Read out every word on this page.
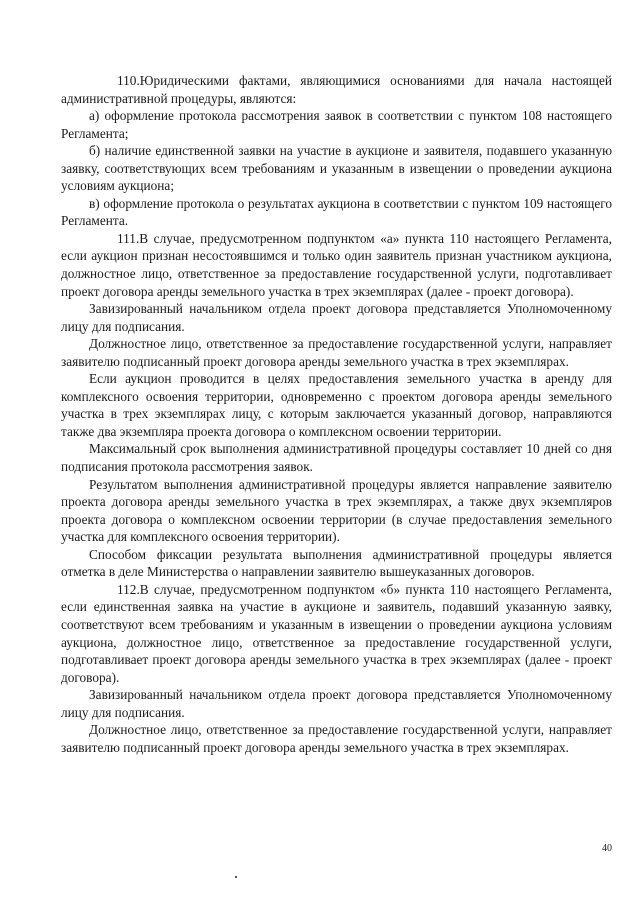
110.Юридическими фактами, являющимися основаниями для начала настоящей административной процедуры, являются:

а) оформление протокола рассмотрения заявок в соответствии с пунктом 108 настоящего Регламента;

б) наличие единственной заявки на участие в аукционе и заявителя, подавшего указанную заявку, соответствующих всем требованиям и указанным в извещении о проведении аукциона условиям аукциона;

в) оформление протокола о результатах аукциона в соответствии с пунктом 109 настоящего Регламента.

111.В случае, предусмотренном подпунктом «а» пункта 110 настоящего Регламента, если аукцион признан несостоявшимся и только один заявитель признан участником аукциона, должностное лицо, ответственное за предоставление государственной услуги, подготавливает проект договора аренды земельного участка в трех экземплярах (далее - проект договора).

Завизированный начальником отдела проект договора представляется Уполномоченному лицу для подписания.

Должностное лицо, ответственное за предоставление государственной услуги, направляет заявителю подписанный проект договора аренды земельного участка в трех экземплярах.

Если аукцион проводится в целях предоставления земельного участка в аренду для комплексного освоения территории, одновременно с проектом договора аренды земельного участка в трех экземплярах лицу, с которым заключается указанный договор, направляются также два экземпляра проекта договора о комплексном освоении территории.

Максимальный срок выполнения административной процедуры составляет 10 дней со дня подписания протокола рассмотрения заявок.

Результатом выполнения административной процедуры является направление заявителю проекта договора аренды земельного участка в трех экземплярах, а также двух экземпляров проекта договора о комплексном освоении территории (в случае предоставления земельного участка для комплексного освоения территории).

Способом фиксации результата выполнения административной процедуры является отметка в деле Министерства о направлении заявителю вышеуказанных договоров.

112.В случае, предусмотренном подпунктом «б» пункта 110 настоящего Регламента, если единственная заявка на участие в аукционе и заявитель, подавший указанную заявку, соответствуют всем требованиям и указанным в извещении о проведении аукциона условиям аукциона, должностное лицо, ответственное за предоставление государственной услуги, подготавливает проект договора аренды земельного участка в трех экземплярах (далее - проект договора).

Завизированный начальником отдела проект договора представляется Уполномоченному лицу для подписания.

Должностное лицо, ответственное за предоставление государственной услуги, направляет заявителю подписанный проект договора аренды земельного участка в трех экземплярах.

40
